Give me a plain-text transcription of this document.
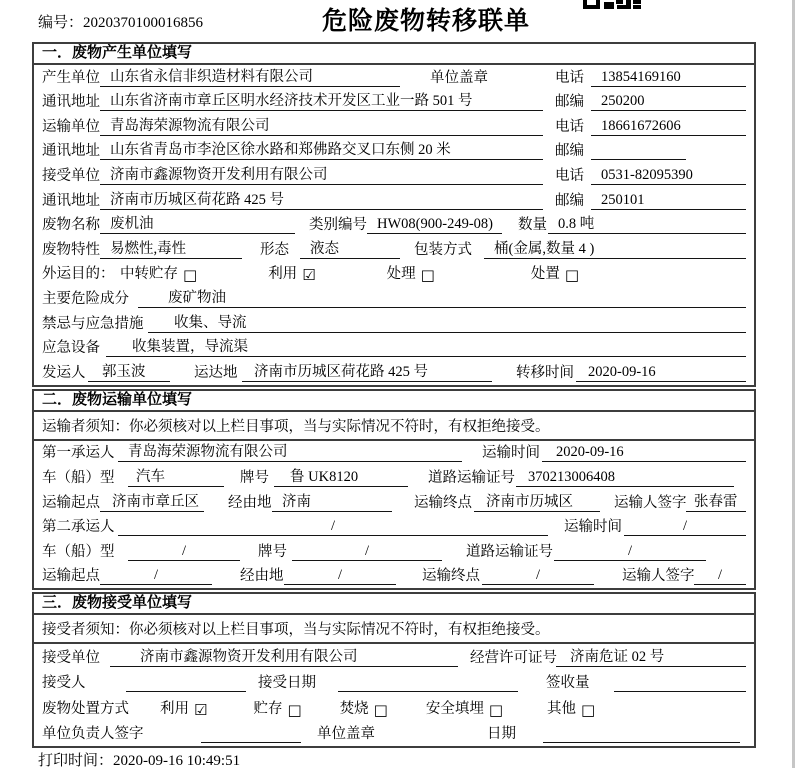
编号：2020370100016856	危险废物转移联单
一．废物产生单位填写
产生单位 山东省永信非织造材料有限公司	单位盖章	电话	13854169160
通讯地址 山东省济南市章丘区明水经济技术开发区工业一路 501 号	邮编	250200
运输单位 青岛海荣源物流有限公司	电话	18661672606
通讯地址 山东省青岛市李沧区徐水路和郑佛路交叉口东侧 20 米	邮编
接受单位 济南市鑫源物资开发利用有限公司	电话	0531-82095390
通讯地址 济南市历城区荷花路 425 号	邮编	250101
废物名称 废机油	类别编号 HW08(900-249-08)	数量 0.8 吨
废物特性 易燃性,毒性	形态	液态	包装方式	桶(金属,数量 4 )
外运目的： 中转贮存 □	利用 ☑	处理 □	处置 □
主要危险成分	废矿物油
禁忌与应急措施	收集、导流
应急设备	收集装置，导流渠
发运人	郭玉波	运达地	济南市历城区荷花路 425 号	转移时间 2020-09-16
二．废物运输单位填写
运输者须知： 你必须核对以上栏目事项，当与实际情况不符时，有权拒绝接受。
第一承运人 青岛海荣源物流有限公司	运输时间	2020-09-16
车（船）型	汽车	牌号	鲁 UK8120	道路运输证号 370213006408
运输起点 济南市章丘区	经由地 济南	运输终点 济南市历城区	运输人签字 张春雷
第二承运人	/	运输时间	/
车（船）型	/	牌号	/	道路运输证号	/
运输起点	/	经由地	/	运输终点	/	运输人签字	/
三．废物接受单位填写
接受者须知： 你必须核对以上栏目事项，当与实际情况不符时，有权拒绝接受。
接受单位	济南市鑫源物资开发利用有限公司	经营许可证号 济南危证 02 号
接受人	接受日期	签收量
废物处置方式 利用 ☑	贮存 □	焚烧 □	安全填埋 □	其他 □
单位负责人签字	单位盖章	日期
打印时间：2020-09-16 10:49:51
